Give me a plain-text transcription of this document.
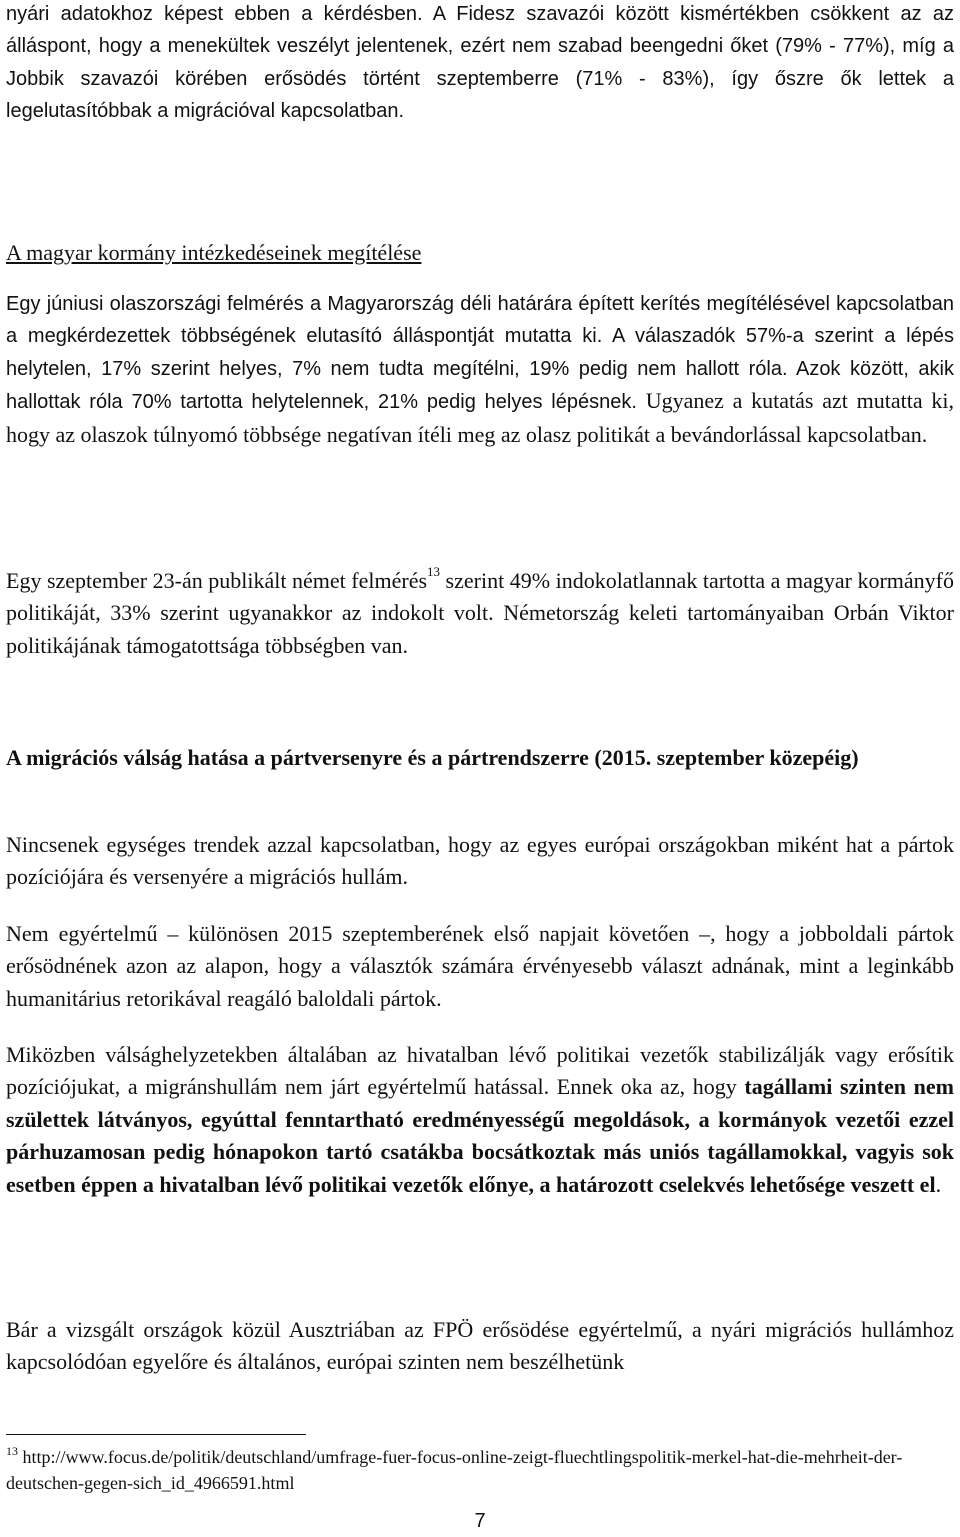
nyári adatokhoz képest ebben a kérdésben. A Fidesz szavazói között kismértékben csökkent az az álláspont, hogy a menekültek veszélyt jelentenek, ezért nem szabad beengedni őket (79% - 77%), míg a Jobbik szavazói körében erősödés történt szeptemberre (71% - 83%), így őszre ők lettek a legelutasítóbbak a migrációval kapcsolatban.

A magyar kormány intézkedéseinek megítélése

Egy júniusi olaszországi felmérés a Magyarország déli határára épített kerítés megítélésével kapcsolatban a megkérdezettek többségének elutasító álláspontját mutatta ki. A válaszadók 57%-a szerint a lépés helytelen, 17% szerint helyes, 7% nem tudta megítélni, 19% pedig nem hallott róla. Azok között, akik hallottak róla 70% tartotta helytelennek, 21% pedig helyes lépésnek. Ugyanez a kutatás azt mutatta ki, hogy az olaszok túlnyomó többsége negatívan ítéli meg az olasz politikát a bevándorlással kapcsolatban.

Egy szeptember 23-án publikált német felmérés$^{13}$ szerint 49% indokolatlannak tartotta a magyar kormányfő politikáját, 33% szerint ugyanakkor az indokolt volt. Németország keleti tartományaiban Orbán Viktor politikájának támogatottsága többségben van.

A migrációs válság hatása a pártversenyre és a pártrendszerre (2015. szeptember közepéig)

Nincsenek egységes trendek azzal kapcsolatban, hogy az egyes európai országokban miként hat a pártok pozíciójára és versenyére a migrációs hullám.

Nem egyértelmű – különösen 2015 szeptemberének első napjait követően –, hogy a jobboldali pártok erősödnének azon az alapon, hogy a választók számára érvényesebb választ adnának, mint a leginkább humanitárius retorikával reagáló baloldali pártok.

Miközben válsághelyzetekben általában az hivatalban lévő politikai vezetők stabilizálják vagy erősítik pozíciójukat, a migránshullám nem járt egyértelmű hatással. Ennek oka az, hogy tagállami szinten nem születtek látványos, egyúttal fenntartható eredményességű megoldások, a kormányok vezetői ezzel párhuzamosan pedig hónapokon tartó csatákba bocsátkoztak más uniós tagállamokkal, vagyis sok esetben éppen a hivatalban lévő politikai vezetők előnye, a határozott cselekvés lehetősége veszett el.

Bár a vizsgált országok közül Ausztriában az FPÖ erősödése egyértelmű, a nyári migrációs hullámhoz kapcsolódóan egyelőre és általános, európai szinten nem beszélhetünk

$^{13}$ http://www.focus.de/politik/deutschland/umfrage-fuer-focus-online-zeigt-fluechtlingspolitik-merkel-hat-die-mehrheit-der-deutschen-gegen-sich_id_4966591.html
7
